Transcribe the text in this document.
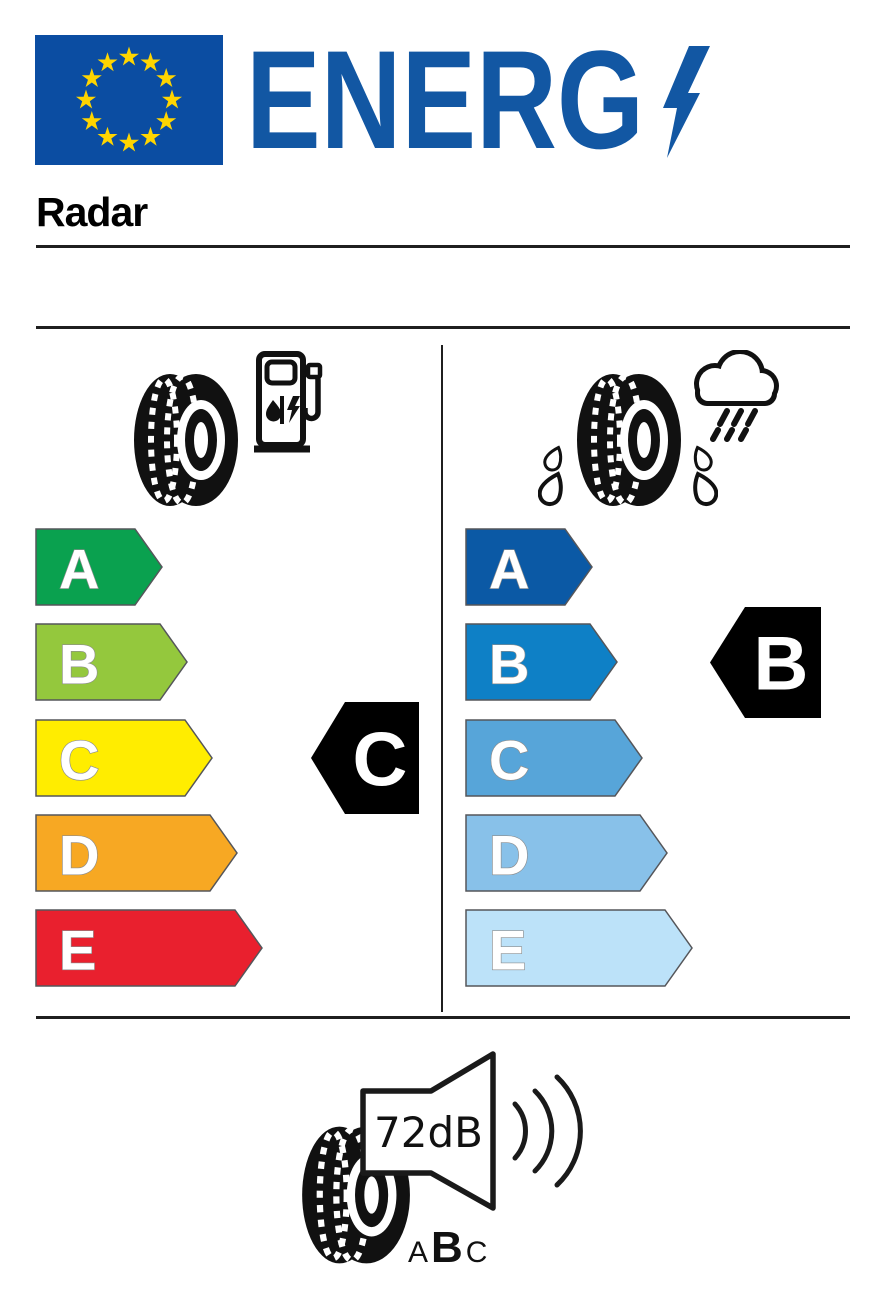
ENERG
Radar
A
B
C
D
E
C
A
B
C
D
E
B
72dB
A B C
